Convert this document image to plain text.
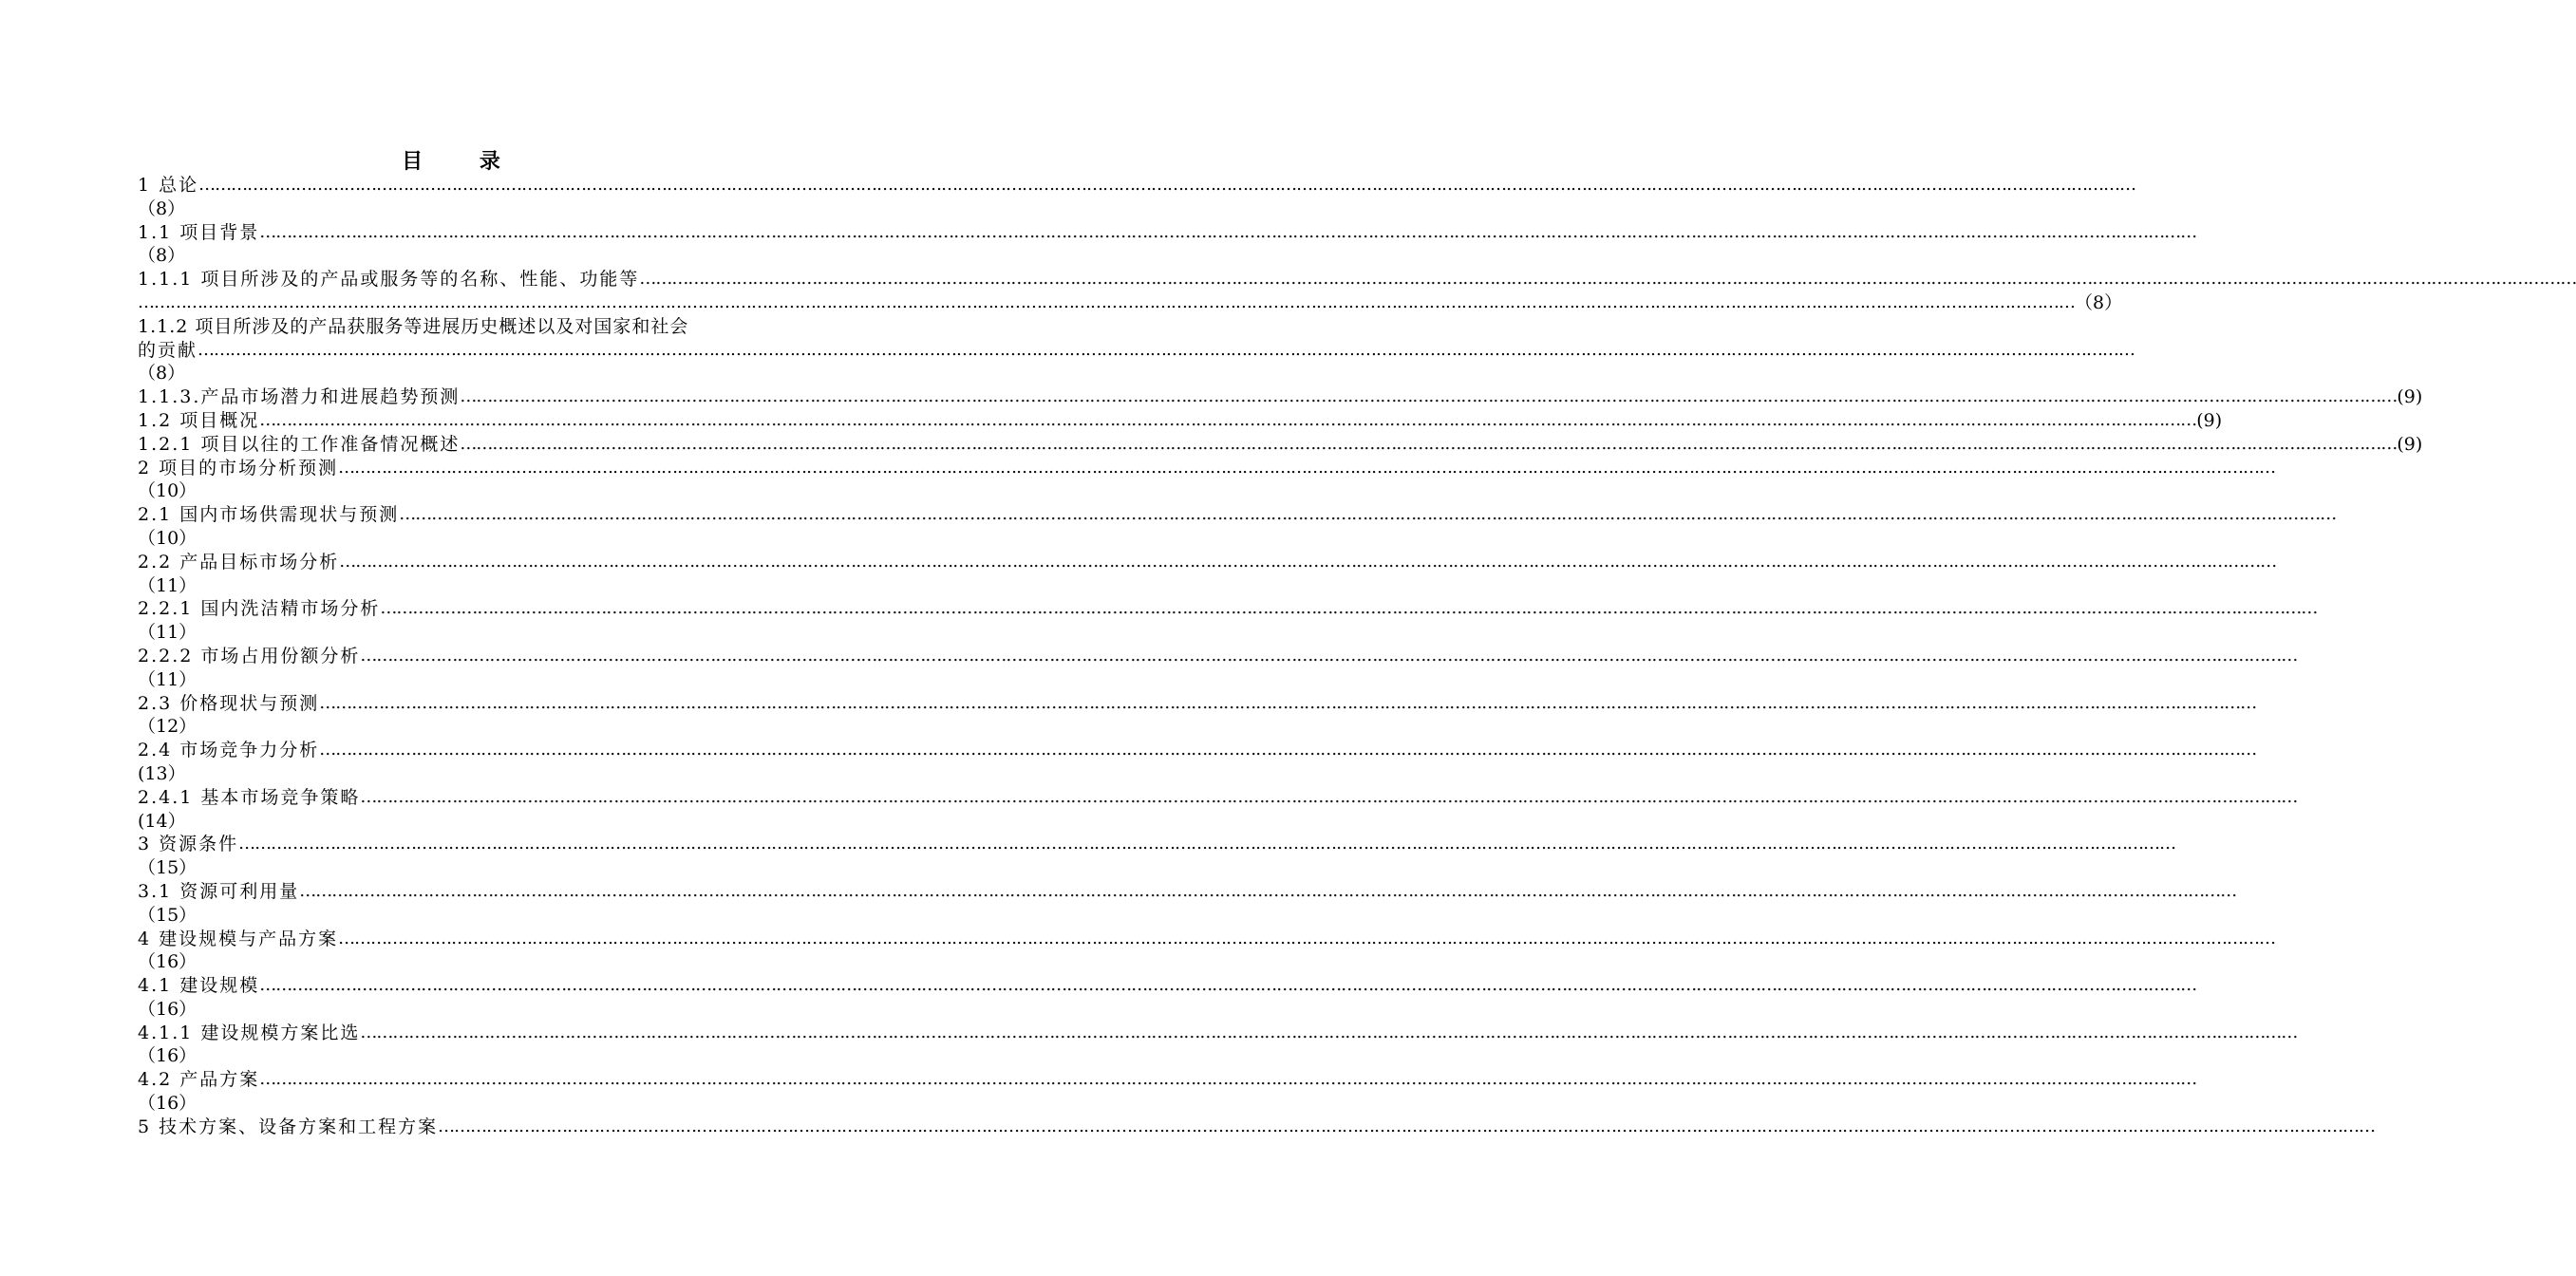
目 录
1 总论 ………………………………………………………………………………………………………………………………………………………………………………………………………………………………………………………………………………………………………………………………
（8）
1.1 项目背景 ………………………………………………………………………………………………………………………………………………………………………………………………………………………………………………………………………………………………………………………………
（8）
1.1.1 项目所涉及的产品或服务等的名称、性能、功能等 ………………………………………………………………………………………………………………………………………………………………………………………………………………………………………………………………………………………………………………………………
……………………………………………………………………………………………………………………………………………………………………………………………………………………………………………………………………………………………………………………………… （8）
1.1.2 项目所涉及的产品获服务等进展历史概述以及对国家和社会
的贡献 ………………………………………………………………………………………………………………………………………………………………………………………………………………………………………………………………………………………………………………………………
（8）
1.1.3.产品市场潜力和进展趋势预测 ……………………………………………………………………………………………………………………………………………………………………………………………………………………………………………………………………………………………………………………………… (9)
1.2 项目概况 ……………………………………………………………………………………………………………………………………………………………………………………………………………………………………………………………………………………………………………………………… (9)
1.2.1 项目以往的工作准备情况概述 ……………………………………………………………………………………………………………………………………………………………………………………………………………………………………………………………………………………………………………………………… (9)
2 项目的市场分析预测 ………………………………………………………………………………………………………………………………………………………………………………………………………………………………………………………………………………………………………………………………
（10）
2.1 国内市场供需现状与预测 ………………………………………………………………………………………………………………………………………………………………………………………………………………………………………………………………………………………………………………………………
（10）
2.2 产品目标市场分析 ………………………………………………………………………………………………………………………………………………………………………………………………………………………………………………………………………………………………………………………………
（11）
2.2.1 国内洗洁精市场分析 ………………………………………………………………………………………………………………………………………………………………………………………………………………………………………………………………………………………………………………………………
（11）
2.2.2 市场占用份额分析 ………………………………………………………………………………………………………………………………………………………………………………………………………………………………………………………………………………………………………………………………
（11）
2.3 价格现状与预测 ………………………………………………………………………………………………………………………………………………………………………………………………………………………………………………………………………………………………………………………………
（12）
2.4 市场竞争力分析 ………………………………………………………………………………………………………………………………………………………………………………………………………………………………………………………………………………………………………………………………
(13）
2.4.1 基本市场竞争策略 ………………………………………………………………………………………………………………………………………………………………………………………………………………………………………………………………………………………………………………………………
(14）
3 资源条件 ………………………………………………………………………………………………………………………………………………………………………………………………………………………………………………………………………………………………………………………………
（15）
3.1 资源可利用量 ………………………………………………………………………………………………………………………………………………………………………………………………………………………………………………………………………………………………………………………………
（15）
4 建设规模与产品方案 ………………………………………………………………………………………………………………………………………………………………………………………………………………………………………………………………………………………………………………………………
（16）
4.1 建设规模 ………………………………………………………………………………………………………………………………………………………………………………………………………………………………………………………………………………………………………………………………
（16）
4.1.1 建设规模方案比选 ………………………………………………………………………………………………………………………………………………………………………………………………………………………………………………………………………………………………………………………………
（16）
4.2 产品方案 ………………………………………………………………………………………………………………………………………………………………………………………………………………………………………………………………………………………………………………………………
（16）
5 技术方案、设备方案和工程方案 ………………………………………………………………………………………………………………………………………………………………………………………………………………………………………………………………………………………………………………………………
